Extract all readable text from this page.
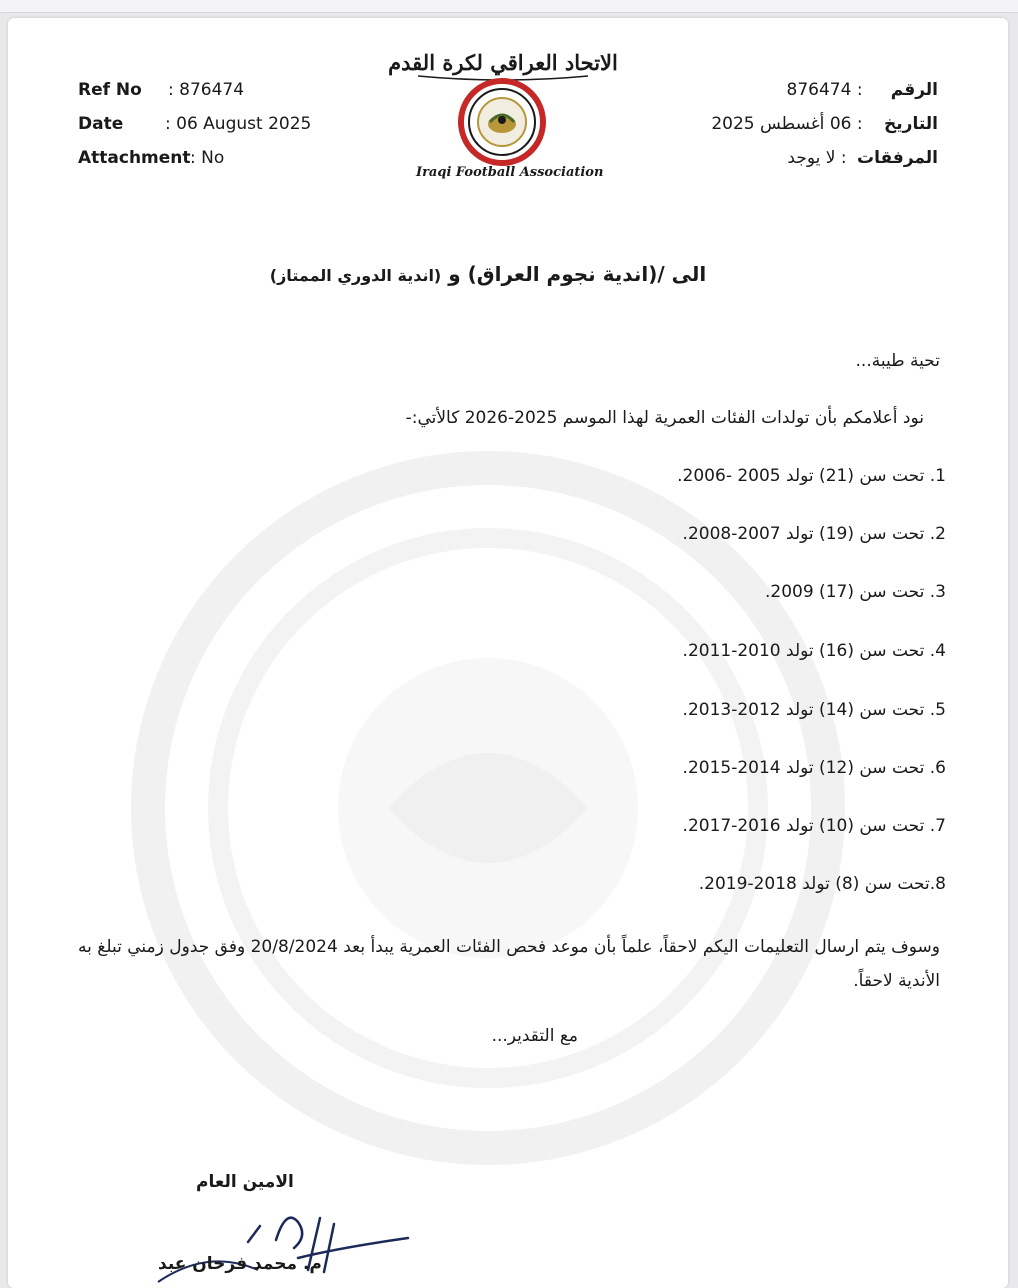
Ref No : 876474
Date : 06 August 2025
Attachment: No
الرقم : 876474
التاريخ : 06 أغسطس 2025
المرفقات : لا يوجد
الاتحاد العراقي لكرة القدم
Iraqi Football Association
الى /(اندية نجوم العراق) و (اندية الدوري الممتاز)
تحية طيبة...
نود أعلامكم بأن تولدات الفئات العمرية لهذا الموسم 2025-2026 كالأتي:-
1. تحت سن (21) تولد 2005 -2006.
2. تحت سن (19) تولد 2007-2008.
3. تحت سن (17) 2009.
4. تحت سن (16) تولد 2010-2011.
5. تحت سن (14) تولد 2012-2013.
6. تحت سن (12) تولد 2014-2015.
7. تحت سن (10) تولد 2016-2017.
8.تحت سن (8) تولد 2018-2019.
وسوف يتم ارسال التعليمات اليكم لاحقاً، علماً بأن موعد فحص الفئات العمرية يبدأ بعد 20/8/2024 وفق جدول زمني تبلغ به الأندية لاحقاً.
مع التقدير...
الامين العام
م. محمد فرحان عبد
